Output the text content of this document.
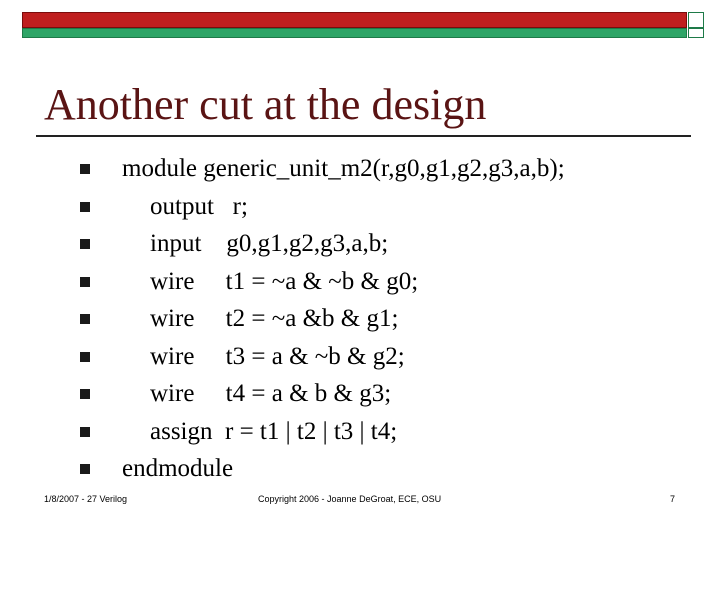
Another cut at the design

module generic_unit_m2(r,g0,g1,g2,g3,a,b);

output   r;

input    g0,g1,g2,g3,a,b;

wire     t1 = ~a & ~b & g0;

wire     t2 = ~a &b & g1;

wire     t3 = a & ~b & g2;

wire     t4 = a & b & g3;

assign  r = t1 | t2 | t3 | t4;

endmodule

1/8/2007 - 27 Verilog	Copyright 2006 - Joanne DeGroat, ECE, OSU	7
